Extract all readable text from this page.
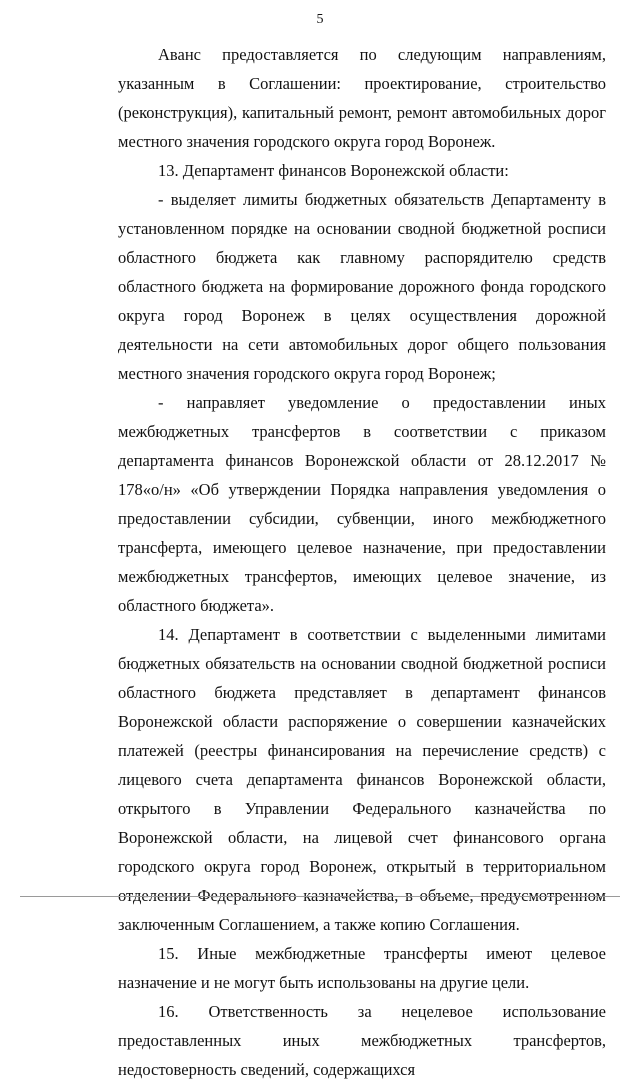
5

Аванс предоставляется по следующим направлениям, указанным в Соглашении: проектирование, строительство (реконструкция), капитальный ремонт, ремонт автомобильных дорог местного значения городского округа город Воронеж.

13. Департамент финансов Воронежской области:

- выделяет лимиты бюджетных обязательств Департаменту в установленном порядке на основании сводной бюджетной росписи областного бюджета как главному распорядителю средств областного бюджета на формирование дорожного фонда городского округа город Воронеж в целях осуществления дорожной деятельности на сети автомобильных дорог общего пользования местного значения городского округа город Воронеж;

- направляет уведомление о предоставлении иных межбюджетных трансфертов в соответствии с приказом департамента финансов Воронежской области от 28.12.2017 № 178«о/н» «Об утверждении Порядка направления уведомления о предоставлении субсидии, субвенции, иного межбюджетного трансферта, имеющего целевое назначение, при предоставлении межбюджетных трансфертов, имеющих целевое значение, из областного бюджета».

14. Департамент в соответствии с выделенными лимитами бюджетных обязательств на основании сводной бюджетной росписи областного бюджета представляет в департамент финансов Воронежской области распоряжение о совершении казначейских платежей (реестры финансирования на перечисление средств) с лицевого счета департамента финансов Воронежской области, открытого в Управлении Федерального казначейства по Воронежской области, на лицевой счет финансового органа городского округа город Воронеж, открытый в территориальном отделении Федерального казначейства, в объеме, предусмотренном заключенным Соглашением, а также копию Соглашения.

15. Иные межбюджетные трансферты имеют целевое назначение и не могут быть использованы на другие цели.

16. Ответственность за нецелевое использование предоставленных иных межбюджетных трансфертов, недостоверность сведений, содержащихся
